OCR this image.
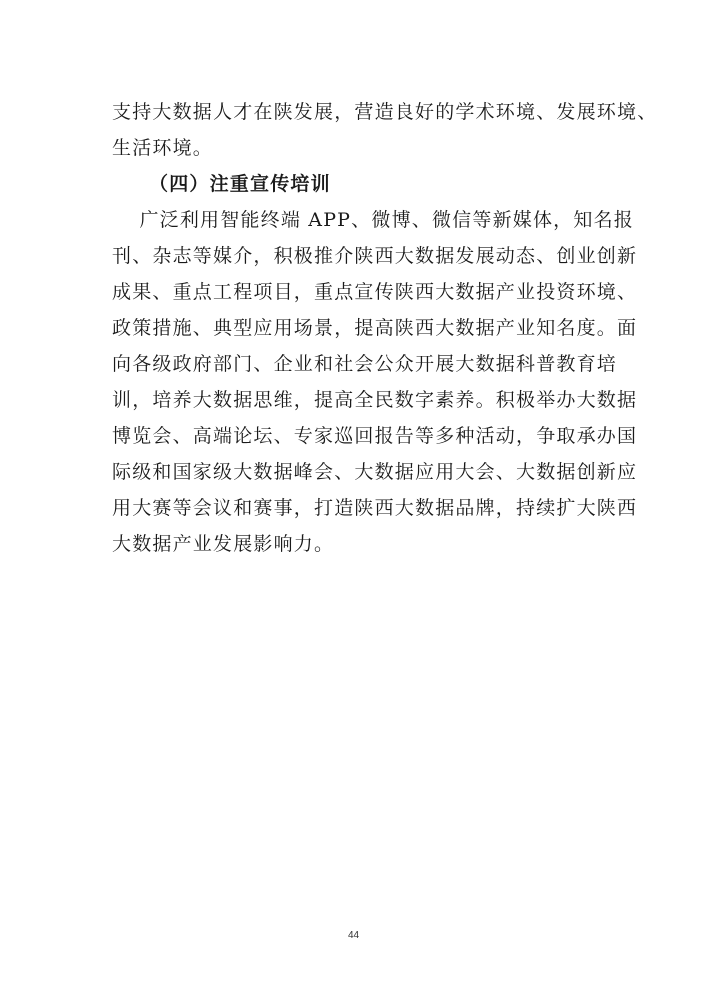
支持大数据人才在陕发展，营造良好的学术环境、发展环境、
生活环境。
（四）注重宣传培训
　 广泛利用智能终端 APP、微博、微信等新媒体，知名报
刊、杂志等媒介，积极推介陕西大数据发展动态、创业创新
成果、重点工程项目，重点宣传陕西大数据产业投资环境、
政策措施、典型应用场景，提高陕西大数据产业知名度。面
向各级政府部门、企业和社会公众开展大数据科普教育培
训，培养大数据思维，提高全民数字素养。积极举办大数据
博览会、高端论坛、专家巡回报告等多种活动，争取承办国
际级和国家级大数据峰会、大数据应用大会、大数据创新应
用大赛等会议和赛事，打造陕西大数据品牌，持续扩大陕西
大数据产业发展影响力。
44
